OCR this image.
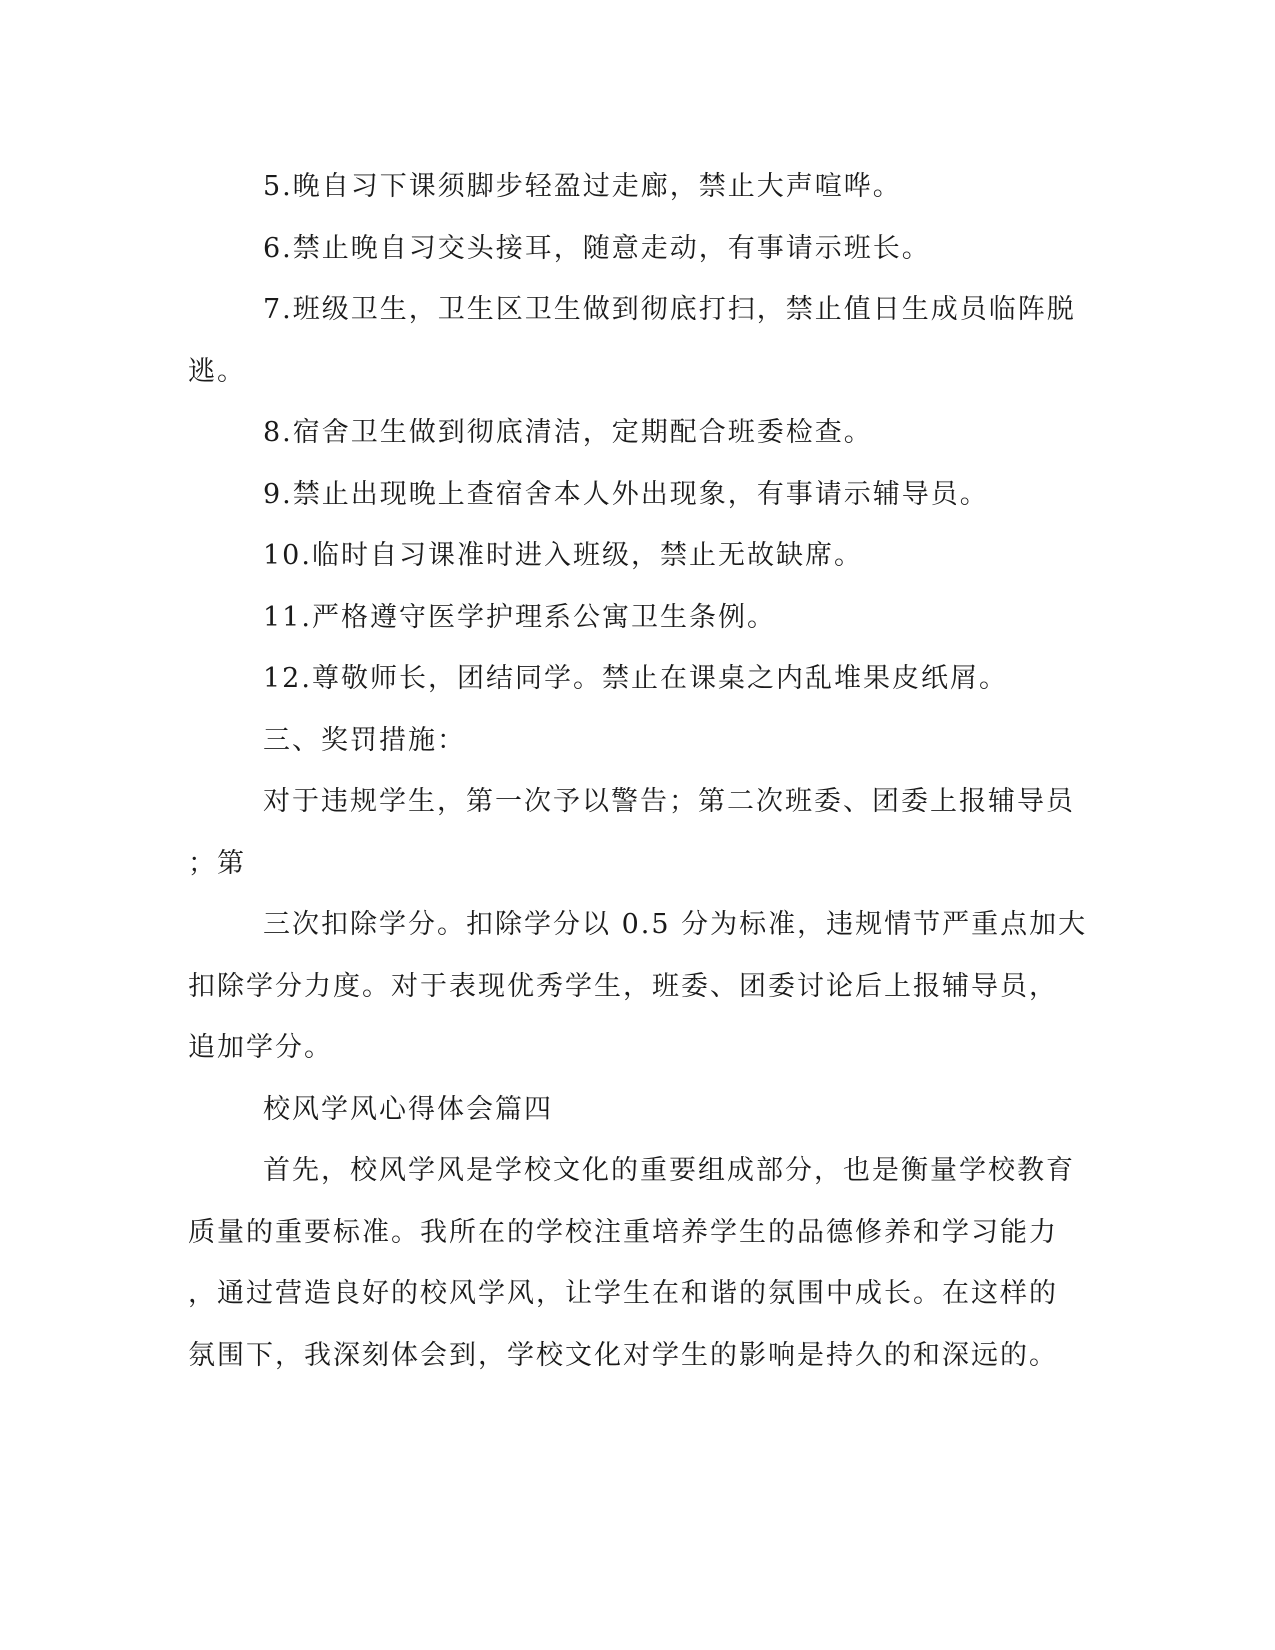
5.晚自习下课须脚步轻盈过走廊，禁止大声喧哗。
6.禁止晚自习交头接耳，随意走动，有事请示班长。
7.班级卫生，卫生区卫生做到彻底打扫，禁止值日生成员临阵脱
逃。
8.宿舍卫生做到彻底清洁，定期配合班委检查。
9.禁止出现晚上查宿舍本人外出现象，有事请示辅导员。
10.临时自习课准时进入班级，禁止无故缺席。
11.严格遵守医学护理系公寓卫生条例。
12.尊敬师长，团结同学。禁止在课桌之内乱堆果皮纸屑。
三、奖罚措施：
对于违规学生，第一次予以警告；第二次班委、团委上报辅导员
；第
三次扣除学分。扣除学分以 0.5 分为标准，违规情节严重点加大
扣除学分力度。对于表现优秀学生，班委、团委讨论后上报辅导员，
追加学分。
校风学风心得体会篇四
首先，校风学风是学校文化的重要组成部分，也是衡量学校教育
质量的重要标准。我所在的学校注重培养学生的品德修养和学习能力
，通过营造良好的校风学风，让学生在和谐的氛围中成长。在这样的
氛围下，我深刻体会到，学校文化对学生的影响是持久的和深远的。
